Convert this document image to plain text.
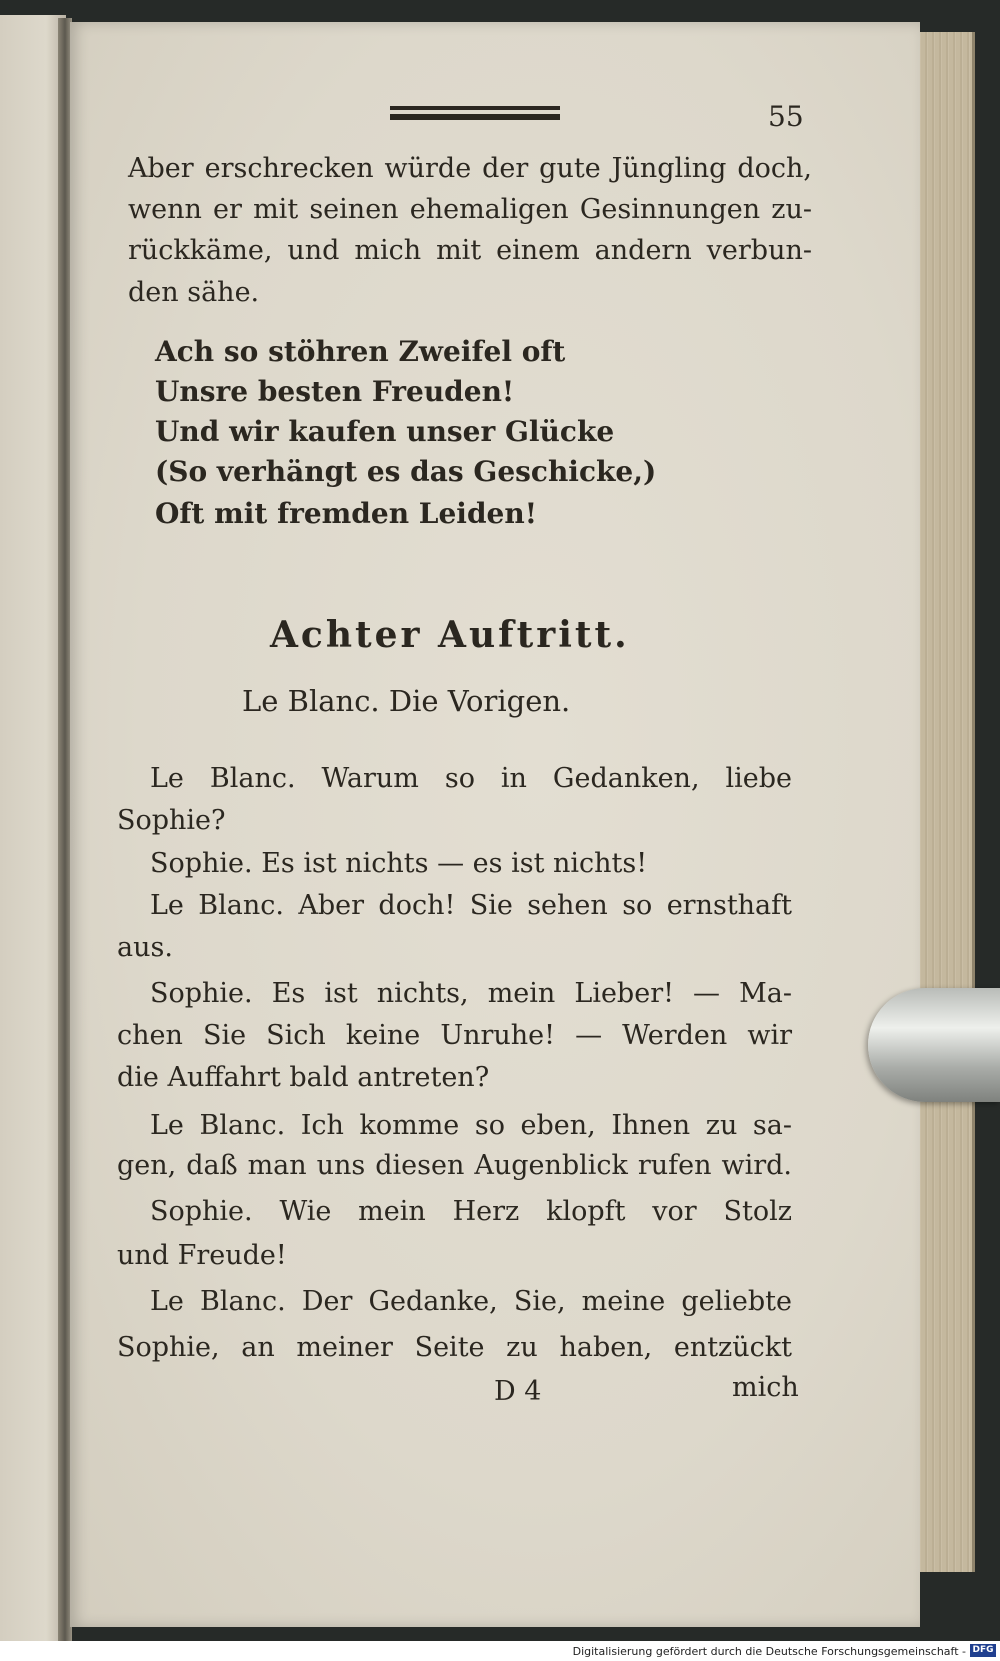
55
Aber erschrecken würde der gute Jüngling doch,
wenn er mit seinen ehemaligen Gesinnungen zu-
rückkäme, und mich mit einem andern verbun-
den sähe.
Ach so stöhren Zweifel oft
Unsre besten Freuden!
Und wir kaufen unser Glücke
(So verhängt es das Geschicke,)
Oft mit fremden Leiden!
Achter Auftritt.
Le Blanc. Die Vorigen.
Le Blanc. Warum so in Gedanken, liebe
Sophie?
Sophie. Es ist nichts — es ist nichts!
Le Blanc. Aber doch! Sie sehen so ernsthaft
aus.
Sophie. Es ist nichts, mein Lieber! — Ma-
chen Sie Sich keine Unruhe! — Werden wir
die Auffahrt bald antreten?
Le Blanc. Ich komme so eben, Ihnen zu sa-
gen, daß man uns diesen Augenblick rufen wird.
Sophie. Wie mein Herz klopft vor Stolz
und Freude!
Le Blanc. Der Gedanke, Sie, meine geliebte
Sophie, an meiner Seite zu haben, entzückt
D 4	mich
Digitalisierung gefördert durch die Deutsche Forschungsgemeinschaft - DFG
